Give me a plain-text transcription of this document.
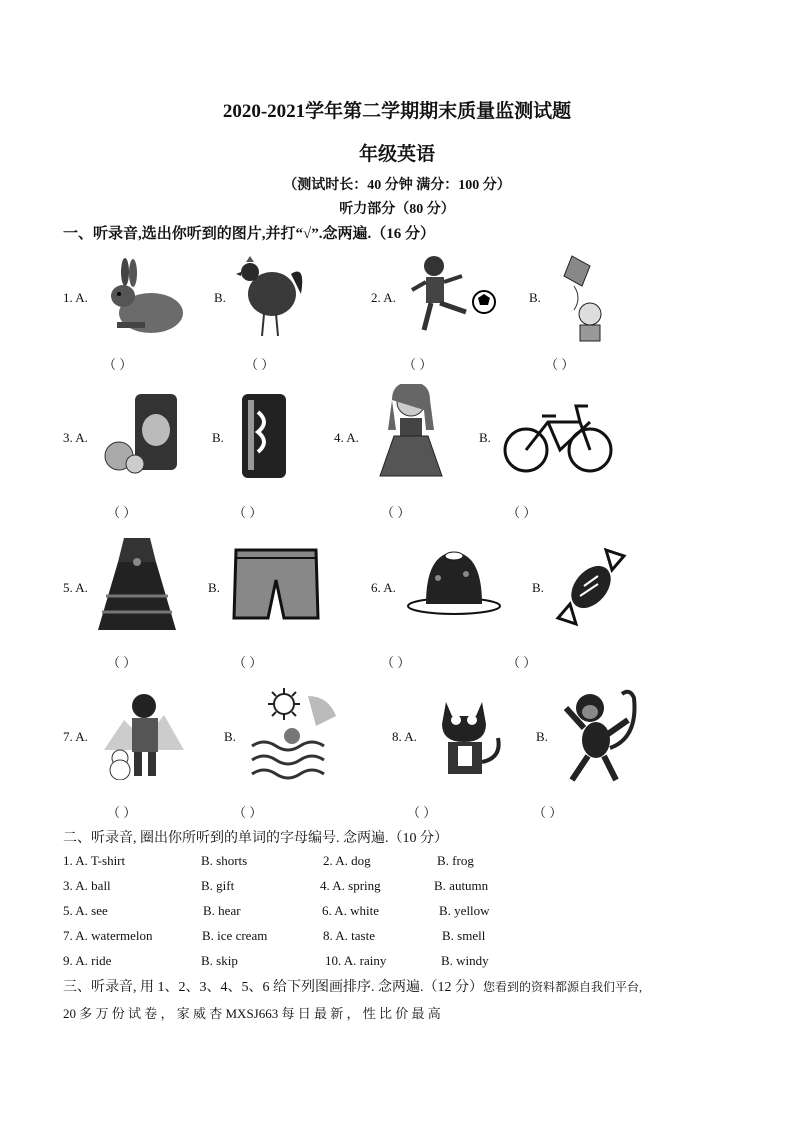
2020-2021学年第二学期期末质量监测试题
年级英语
（测试时长：40 分钟 满分：100 分）
听力部分（80 分）
一、听录音,选出你听到的图片,并打“√”.念两遍.（16 分）
1. A.	B.	2. A.	B.
（ ）	（ ）	（ ）	（ ）
3. A.	B.	4. A.	B.
（ ）	（ ）	（ ）	（ ）
5. A.	B.	6. A.	B.
（ ）	（ ）	（ ）	（ ）
7. A.	B.	8. A.	B.
（ ）	（ ）	（ ）	（ ）
二、听录音, 圈出你所听到的单词的字母编号. 念两遍.（10 分）
1. A. T-shirt	B. shorts	2. A. dog	B. frog
3. A. ball	B. gift	4. A. spring	B. autumn
5. A. see	B. hear	6. A. white	B. yellow
7. A. watermelon	B. ice cream	8. A. taste	B. smell
9. A. ride	B. skip	10. A. rainy	B. windy
三、听录音, 用 1、2、3、4、5、6 给下列图画排序. 念两遍.（12 分）您看到的资料都源自我们平台,
20 多 万 份 试 卷 ， 家 威 杏 MXSJ663 每 日 最 新 ， 性 比 价 最 高
